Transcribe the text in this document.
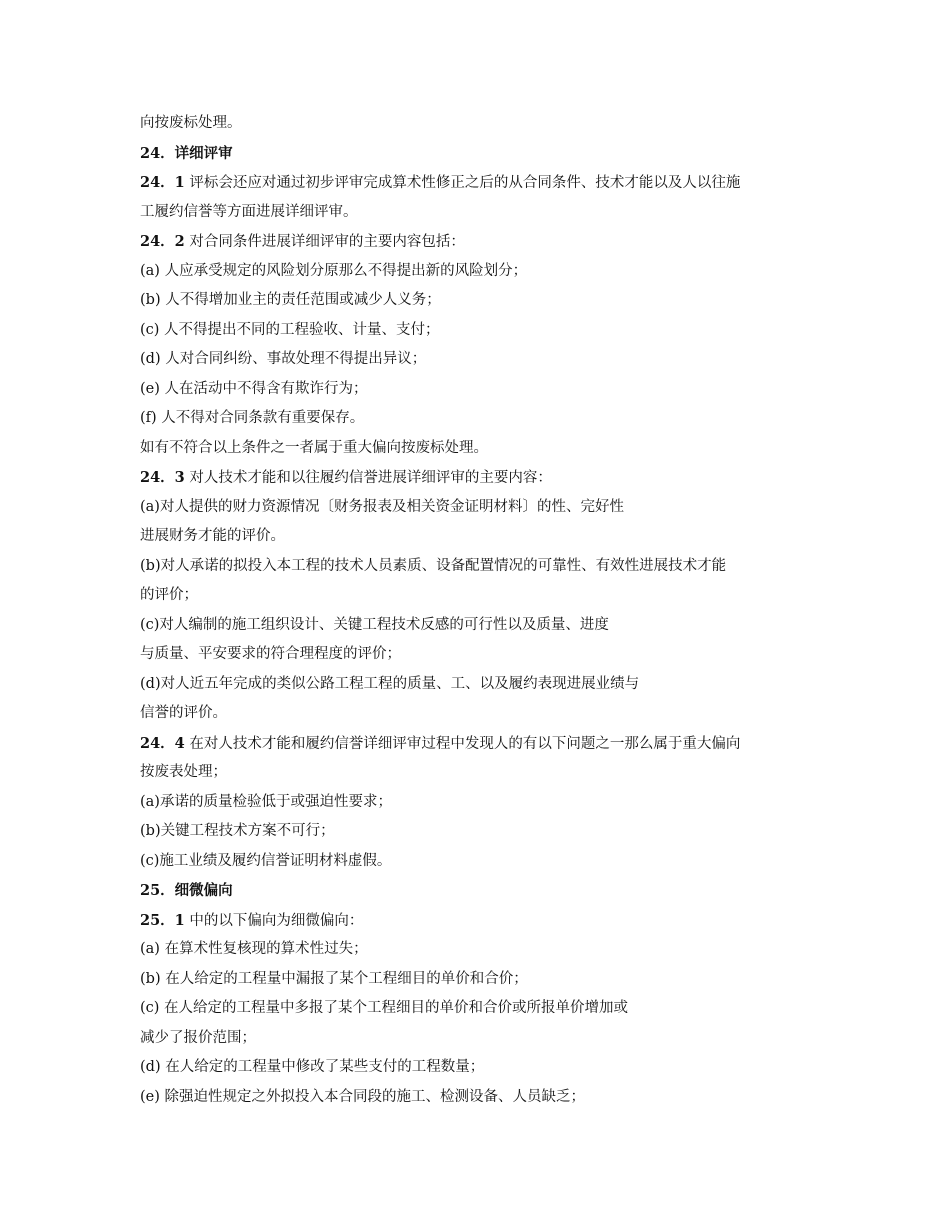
向按废标处理。
24．详细评审
24．1 评标会还应对通过初步评审完成算术性修正之后的从合同条件、技术才能以及人以往施
工履约信誉等方面进展详细评审。
24．2 对合同条件进展详细评审的主要内容包括：
(a) 人应承受规定的风险划分原那么不得提出新的风险划分；
(b) 人不得增加业主的责任范围或减少人义务；
(c) 人不得提出不同的工程验收、计量、支付；
(d) 人对合同纠纷、事故处理不得提出异议；
(e) 人在活动中不得含有欺诈行为；
(f) 人不得对合同条款有重要保存。
如有不符合以上条件之一者属于重大偏向按废标处理。
24．3 对人技术才能和以往履约信誉进展详细评审的主要内容：
(a)对人提供的财力资源情况〔财务报表及相关资金证明材料〕的性、完好性
进展财务才能的评价。
(b)对人承诺的拟投入本工程的技术人员素质、设备配置情况的可靠性、有效性进展技术才能
的评价；
(c)对人编制的施工组织设计、关键工程技术反感的可行性以及质量、进度
与质量、平安要求的符合理程度的评价；
(d)对人近五年完成的类似公路工程工程的质量、工、以及履约表现进展业绩与
信誉的评价。
24．4 在对人技术才能和履约信誉详细评审过程中发现人的有以下问题之一那么属于重大偏向
按废表处理；
(a)承诺的质量检验低于或强迫性要求；
(b)关键工程技术方案不可行；
(c)施工业绩及履约信誉证明材料虚假。
25．细微偏向
25．1 中的以下偏向为细微偏向：
(a) 在算术性复核现的算术性过失；
(b) 在人给定的工程量中漏报了某个工程细目的单价和合价；
(c) 在人给定的工程量中多报了某个工程细目的单价和合价或所报单价增加或
减少了报价范围；
(d) 在人给定的工程量中修改了某些支付的工程数量；
(e) 除强迫性规定之外拟投入本合同段的施工、检测设备、人员缺乏；
